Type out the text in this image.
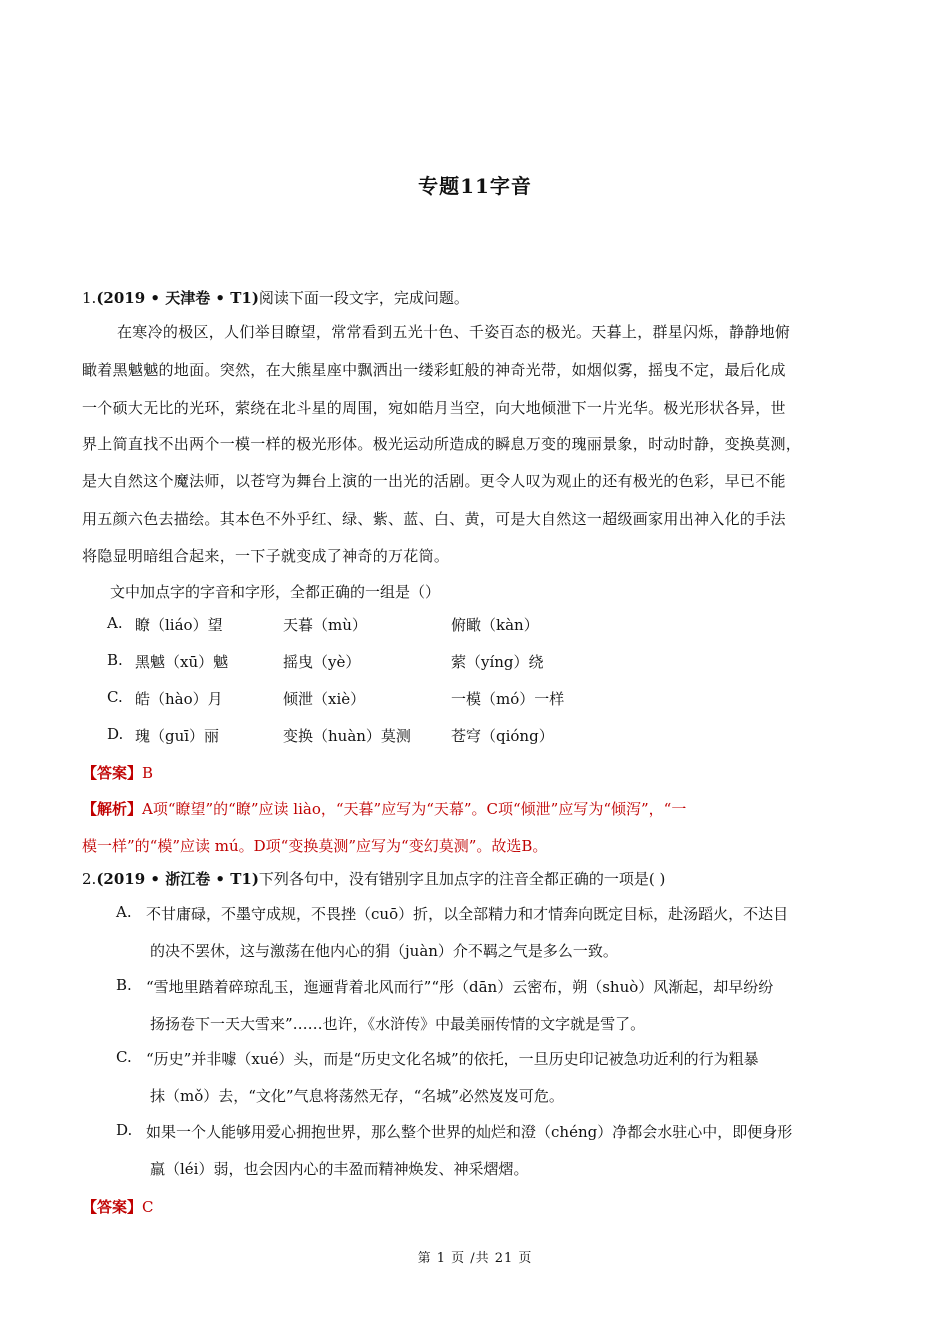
专题11字音
1.(2019 • 天津卷 • T1)阅读下面一段文字，完成问题。
在寒冷的极区，人们举目瞭望，常常看到五光十色、千姿百态的极光。天暮上，群星闪烁，静静地俯
瞰着黑魆魆的地面。突然，在大熊星座中飘洒出一缕彩虹般的神奇光带，如烟似雾，摇曳不定，最后化成
一个硕大无比的光环，萦绕在北斗星的周围，宛如皓月当空，向大地倾泄下一片光华。极光形状各异，世
界上简直找不出两个一模一样的极光形体。极光运动所造成的瞬息万变的瑰丽景象，时动时静，变换莫测，
是大自然这个魔法师，以苍穹为舞台上演的一出光的活剧。更令人叹为观止的还有极光的色彩，早已不能
用五颜六色去描绘。其本色不外乎红、绿、紫、蓝、白、黄，可是大自然这一超级画家用出神入化的手法
将隐显明暗组合起来，一下子就变成了神奇的万花筒。
文中加点字的字音和字形，全都正确的一组是（）
A. 瞭（liáo）望	天暮（mù）	俯瞰（kàn）
B. 黑魆（xū）魆	摇曳（yè）	萦（yíng）绕
C. 皓（hào）月	倾泄（xiè）	一模（mó）一样
D. 瑰（guī）丽	变换（huàn）莫测	苍穹（qióng）
【答案】B
【解析】A项“瞭望”的“瞭”应读 liào，“天暮”应写为“天幕”。C项“倾泄”应写为“倾泻”，“一
模一样”的“模”应读 mú。D项“变换莫测”应写为“变幻莫测”。故选B。
2.(2019 • 浙江卷 • T1)下列各句中，没有错别字且加点字的注音全都正确的一项是( )
A. 不甘庸碌，不墨守成规，不畏挫（cuō）折，以全部精力和才情奔向既定目标，赴汤蹈火，不达目
的决不罢休，这与激荡在他内心的狷（juàn）介不羁之气是多么一致。
B. “雪地里踏着碎琼乱玉，迤逦背着北风而行”“彤（dān）云密布，朔（shuò）风渐起，却早纷纷
扬扬卷下一天大雪来”……也许，《水浒传》中最美丽传情的文字就是雪了。
C. “历史”并非噱（xué）头，而是“历史文化名城”的依托，一旦历史印记被急功近利的行为粗暴
抹（mǒ）去，“文化”气息将荡然无存，“名城”必然岌岌可危。
D. 如果一个人能够用爱心拥抱世界，那么整个世界的灿烂和澄（chéng）净都会水驻心中，即便身形
羸（léi）弱，也会因内心的丰盈而精神焕发、神采熠熠。
【答案】C
第 1 页 /共 21 页
